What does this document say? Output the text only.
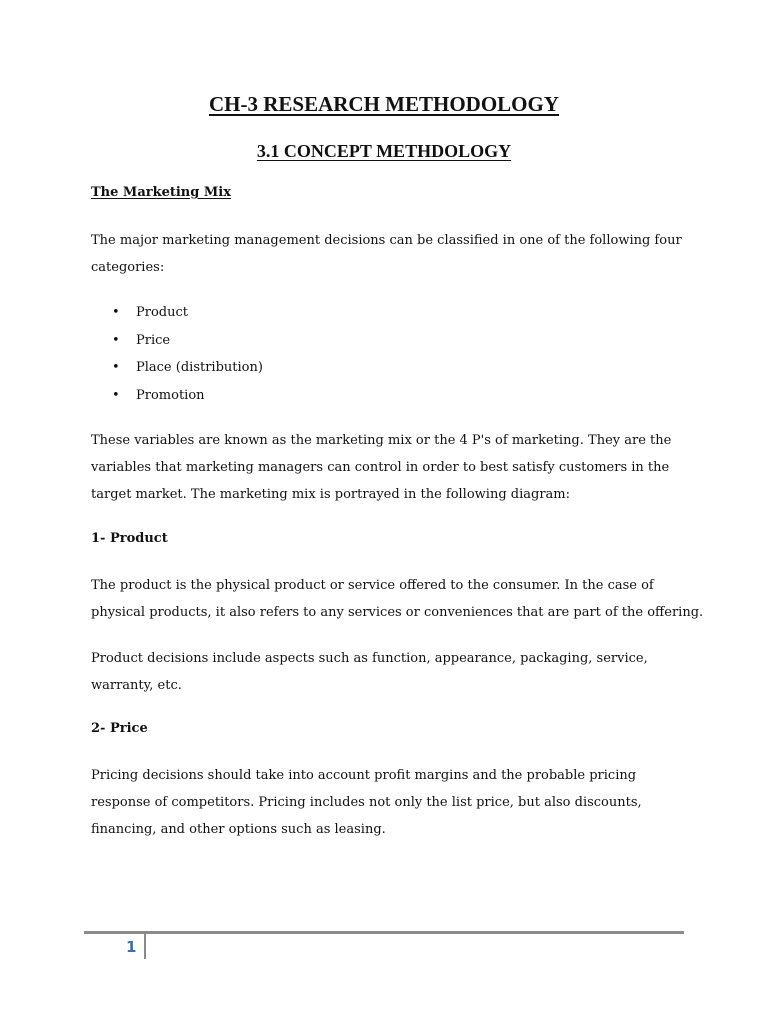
CH-3 RESEARCH METHODOLOGY
3.1 CONCEPT METHDOLOGY

The Marketing Mix

The major marketing management decisions can be classified in one of the following four
categories:
• Product
• Price
• Place (distribution)
• Promotion
These variables are known as the marketing mix or the 4 P's of marketing. They are the
variables that marketing managers can control in order to best satisfy customers in the
target market. The marketing mix is portrayed in the following diagram:

1- Product

The product is the physical product or service offered to the consumer. In the case of
physical products, it also refers to any services or conveniences that are part of the offering.
Product decisions include aspects such as function, appearance, packaging, service,
warranty, etc.

2- Price

Pricing decisions should take into account profit margins and the probable pricing
response of competitors. Pricing includes not only the list price, but also discounts,
financing, and other options such as leasing.
1
